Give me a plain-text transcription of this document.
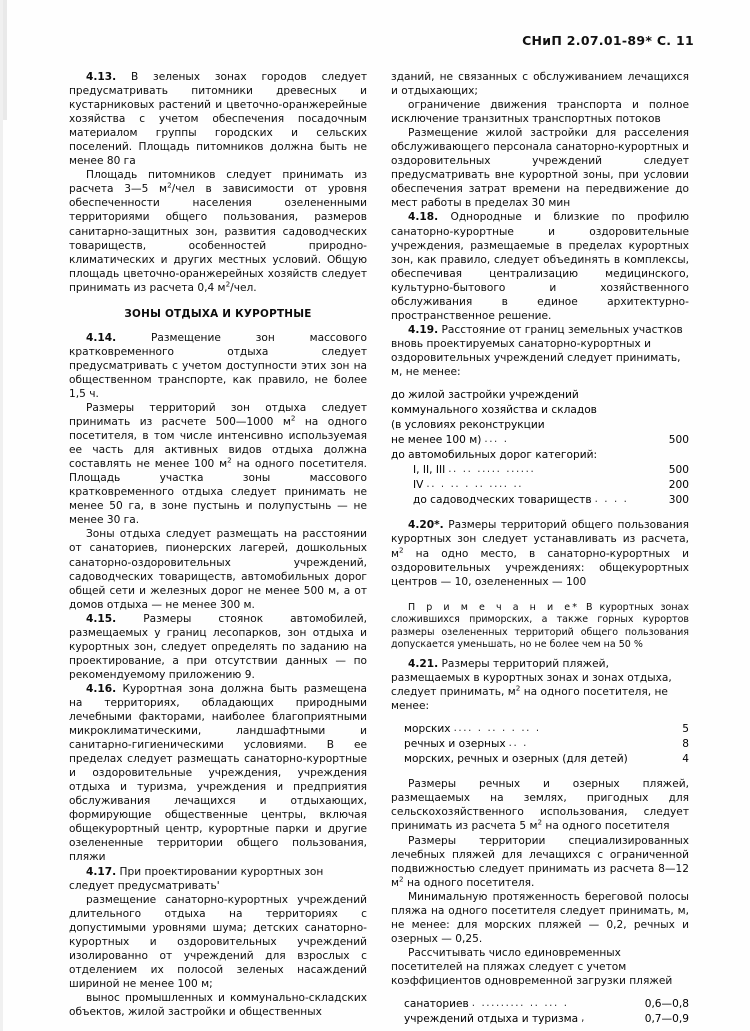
СНиП 2.07.01-89* С. 11

4.13. В зеленых зонах городов следует предусматривать питомники древесных и кустарниковых растений и цветочно-оранжерейные хозяйства с учетом обеспечения посадочным материалом группы городских и сельских поселений. Площадь питомников должна быть не менее 80 га

Площадь питомников следует принимать из расчета 3—5 $м^2$/чел в зависимости от уровня обеспеченности населения озелененными территориями общего пользования, размеров санитарно-защитных зон, развития садоводческих товариществ, особенностей природно-климатических и других местных условий. Общую площадь цветочно-оранжерейных хозяйств следует принимать из расчета 0,4 $м^2$/чел.

ЗОНЫ ОТДЫХА И КУРОРТНЫЕ

4.14. Размещение зон массового кратковременного отдыха следует предусматривать с учетом доступности этих зон на общественном транспорте, как правило, не более 1,5 ч.

Размеры территорий зон отдыха следует принимать из расчете 500—1000 $м^2$ на одного посетителя, в том числе интенсивно используемая ее часть для активных видов отдыха должна составлять не менее 100 $м^2$ на одного посетителя. Площадь участка зоны массового кратковременного отдыха следует принимать не менее 50 га, в зоне пустынь и полупустынь — не менее 30 га.

Зоны отдыха следует размещать на расстоянии от санаториев, пионерских лагерей, дошкольных санаторно-оздоровительных учреждений, садоводческих товариществ, автомобильных дорог общей сети и железных дорог не менее 500 м, а от домов отдыха — не менее 300 м.

4.15. Размеры стоянок автомобилей, размещаемых у границ лесопарков, зон отдыха и курортных зон, следует определять по заданию на проектирование, а при отсутствии данных — по рекомендуемому приложению 9.

4.16. Курортная зона должна быть размещена на территориях, обладающих природными лечебными факторами, наиболее благоприятными микроклиматическими, ландшафтными и санитарно-гигиеническими условиями. В ее пределах следует размещать санаторно-курортные и оздоровительные учреждения, учреждения отдыха и туризма, учреждения и предприятия обслуживания лечащихся и отдыхающих, формирующие общественные центры, включая общекурортный центр, курортные парки и другие озелененные территории общего пользования, пляжи

4.17. При проектировании курортных зон следует предусматривать'

размещение санаторно-курортных учреждений длительного отдыха на территориях с допустимыми уровнями шума; детских санаторно-курортных и оздоровительных учреждений изолированно от учреждений для взрослых с отделением их полосой зеленых насаждений шириной не менее 100 м;

вынос промышленных и коммунально-складских объектов, жилой застройки и общественных

зданий, не связанных с обслуживанием лечащихся и отдыхающих;

ограничение движения транспорта и полное исключение транзитных транспортных потоков

Размещение жилой застройки для расселения обслуживающего персонала санаторно-курортных и оздоровительных учреждений следует предусматривать вне курортной зоны, при условии обеспечения затрат времени на передвижение до мест работы в пределах 30 мин

4.18. Однородные и близкие по профилю санаторно-курортные и оздоровительные учреждения, размещаемые в пределах курортных зон, как правило, следует объединять в комплексы, обеспечивая централизацию медицинского, культурно-бытового и хозяйственного обслуживания в единое архитектурно-пространственное решение.

4.19. Расстояние от границ земельных участков вновь проектируемых санаторно-курортных и оздоровительных учреждений следует принимать, м, не менее:

до жилой застройки учреждений
коммунального хозяйства и складов
(в условиях реконструкции
не менее 100 м) ... .	500
до автомобильных дорог категорий:
I, II, III .. .. ..... ......	500
IV .. . .. . .. .... ..	200
до садоводческих товариществ . . . .	300

4.20*. Размеры территорий общего пользования курортных зон следует устанавливать из расчета, $м^2$ на одно место, в санаторно-курортных и оздоровительных учреждениях: общекурортных центров — 10, озелененных — 100

П р и м е ч а н и е* В курортных зонах сложившихся приморских, а также горных курортов размеры озелененных территорий общего пользования допускается уменьшать, но не более чем на 50 %

4.21. Размеры территорий пляжей, размещаемых в курортных зонах и зонах отдыха, следует принимать, $м^2$ на одного посетителя, не менее:

морских .... . .. . . .. .	5
речных и озерных .. .	8
морских, речных и озерных (для детей)	4

Размеры речных и озерных пляжей, размещаемых на землях, пригодных для сельскохозяйственного использования, следует принимать из расчета 5 $м^2$ на одного посетителя

Размеры территории специализированных лечебных пляжей для лечащихся с ограниченной подвижностью следует принимать из расчета 8—12 $м^2$ на одного посетителя.

Минимальную протяженность береговой полосы пляжа на одного посетителя следует принимать, м, не менее: для морских пляжей — 0,2, речных и озерных — 0,25.

Рассчитывать число единовременных посетителей на пляжах следует с учетом коэффициентов одновременной загрузки пляжей

санаториев . ......... .. ... .	0,6—0,8
учреждений отдыха и туризма ,	0,7—0,9
